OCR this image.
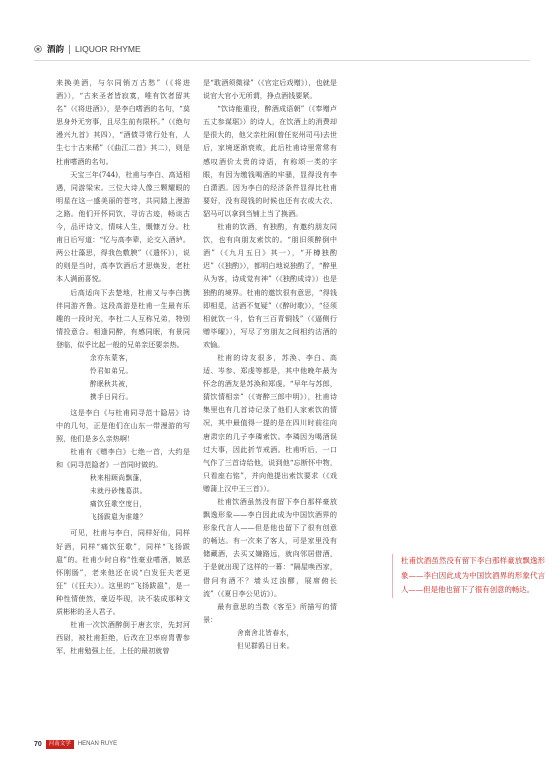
酒韵 LIQUOR RHYME

来换美酒，与尔同销万古愁”（《将进酒》），“古来圣者皆寂寞，唯有饮者留其名”（《将进酒》），是李白嗜酒的名句，“莫思身外无穷事，且尽生前有限杯。”（《绝句漫兴九首》其四），“酒债寻常行处有，人生七十古来稀”（《曲江二首》其二），则是杜甫嗜酒的名句。

天宝三年(744)，杜甫与李白、高适相遇，同游梁宋。三位大诗人像三颗耀眼的明星在这一盛美丽的苍穹，共同踏上漫游之路。他们开怀同饮，寻访古迹，畅谈古今，品评诗文，情味人生，慨慷万分。杜甫日后写道：“忆与高李辈，论交入酒垆。两公壮藻思，得我色敷腴”（《遣怀》），说的则是当时，高李饮酒后才思焕发，老杜本人满面喜悦。

后高适向下去楚地，杜甫又与李白携伴同游齐鲁。这段高游是杜甫一生最有乐趣的一段时光，李杜二人互称兄弟，特别情投意合。相逢同醉，有感同眠，有景同登临，似乎比起一般的兄弟亲还要亲热。

余亦东蒙客，
怜君如弟兄。
醉眠秋共被，
携手日同行。

这是李白《与杜甫同寻范十隐居》诗中的几句，正是他们在山东一带漫游的写照，他们是多么亲热啊！

杜甫有《赠李白》七绝一首，大约是和《同寻范隐者》一首同时做的。

秋来相顾尚飘蓬，
未就丹砂愧葛洪。
痛饮狂歌空度日，
飞扬跋扈为谁雄？

可见，杜甫与李白，同样好仙，同样好酒，同样“痛饮狂歌”，同样“飞扬跋扈”的。杜甫少时自称“性豪业嗜酒，嫉恶怀刚肠”，老来他还在说“白发狂夫老更狂”（《狂夫》）。这里的“飞扬跋扈”，是一种性情使然，豪迈毕现，决不装成那种文质彬彬的圣人君子。

杜甫一次饮酒醉倒于唐玄宗，先封河西尉，被杜甫拒绝，后改在卫率府胄曹参军，杜甫勉强上任，上任的最初就曾

是“耽酒须微禄”（《官定后戏赠》），也就是说官大官小无所谓，挣点酒钱要紧。

“饮诗能重役，醉酒成语朝”（《奉赠卢五丈参谋琚》）的诗人，在饮酒上的消费却是很大的，他父亲杜闲(曾任兖州司马)去世后，家境逐渐衰败，此后杜甫诗里常常有感叹酒价太贵的诗语，有称颂一类的字眼，有因为缴钱喝酒的牢骚，显得没有李白潇洒。因为李白的经济条件显得比杜甫要好，没有现钱的时候也还有衣或大衣、貂马可以拿到当铺上当了换酒。

杜甫的饮酒，有独酌，有邀约朋友同饮，也有向朋友索饮的。“朋旧须醉倒中酒”（《九月五日》其一），“开樽独酌迟”（《独酌》），都明白地说独酌了，“醉里从为客，诗成觉有神”（《独酌成诗》）也是独酌的境界。杜甫的邀饮很有意思，“得钱即相觅，沽酒不复疑”（《醉时歌》），“径须相就饮一斗，恰有三百青铜钱”（《逼侧行赠毕曜》），写尽了穷朋友之间相约沽酒的欢愉。

杜甫的诗友很多，苏涣、李白、高适、岑参、郑虔等都是，其中他晚年最为怀念的酒友是苏涣和郑虔。“早年与苏郎，猜饮情相亲”（《寄醉三郎中明》），杜甫诗集里也有几首诗记录了他们人家索饮的情况，其中最值得一提的是在四川时前往向唐肃宗的几子李璘索饮。李璘因为喝酒误过大事，因此折节戒酒。杜甫听后，一口气作了三首诗给他，说到他“忘断怀中物，只看座右铭”，并向他提出索饮要求（《戏赠蒲上汉中王三首》）。

杜甫饮酒虽然没有留下李白那样豪放飘逸形象——李白因此成为中国饮酒界的形象代言人——但是他也留下了很有创意的畅达。有一次来了客人，可是家里没有储藏酒，去买又嫌路远，就向邻居借酒，于是就出现了这样的一幕：“隔屋唤西家，借问有酒不？墙头过浊醪，展席俯长流”（《夏日李公见访》）。

最有意思的当数《客至》所描写的情景：

舍南舍北皆春水，
但见群鸥日日来。
杜甫饮酒虽然没有留下李白那样豪放飘逸形象——李白因此成为中国饮酒界的形象代言人——但是他也留下了很有创意的畅达。
70	河南文学	HENAN RUYE
